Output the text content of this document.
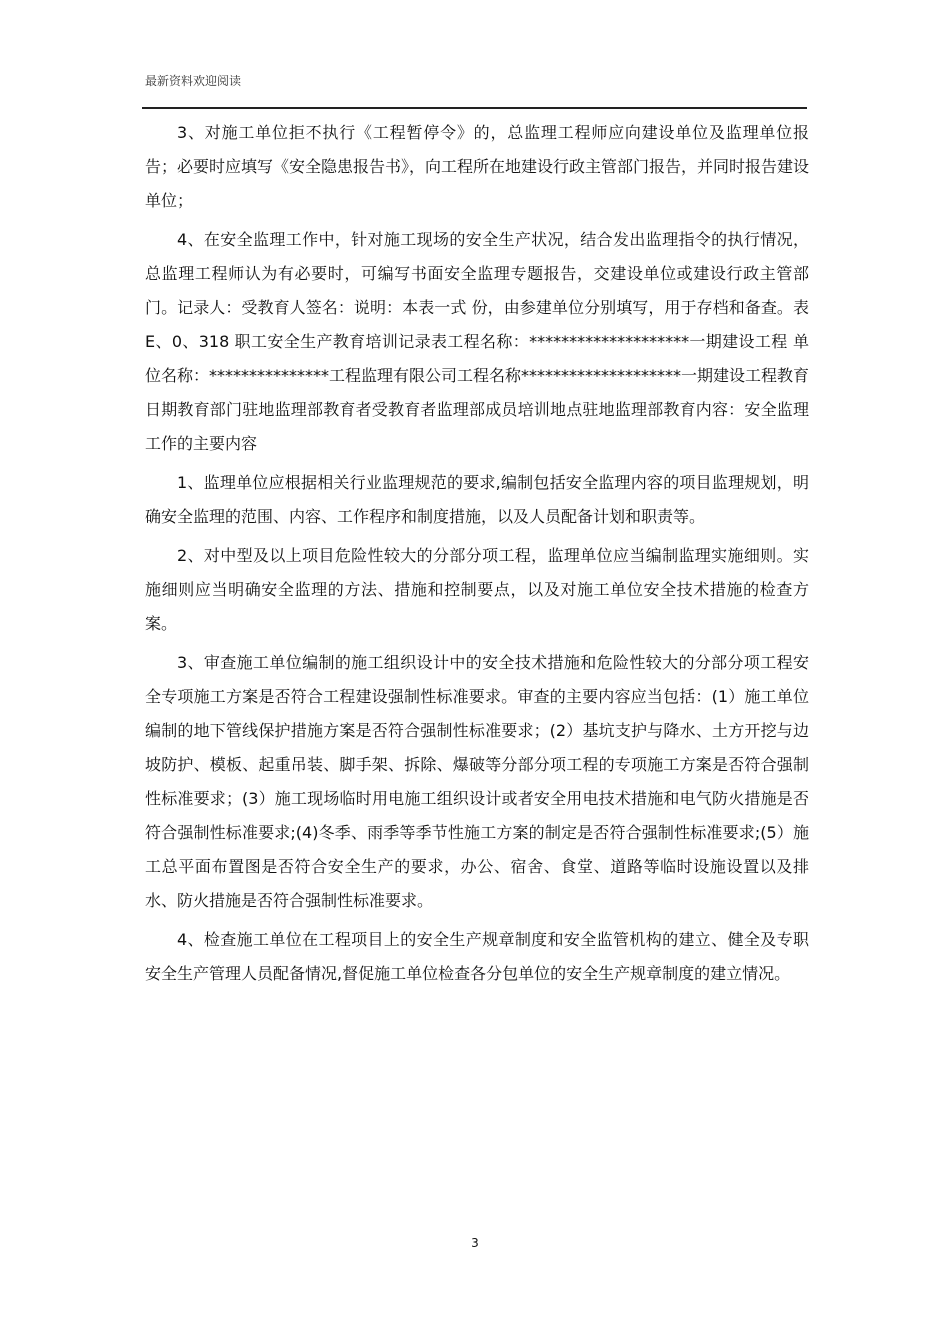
最新资料欢迎阅读

3、对施工单位拒不执行《工程暂停令》的，总监理工程师应向建设单位及监理单位报告；必要时应填写《安全隐患报告书》，向工程所在地建设行政主管部门报告，并同时报告建设单位；

4、在安全监理工作中，针对施工现场的安全生产状况，结合发出监理指令的执行情况，总监理工程师认为有必要时，可编写书面安全监理专题报告，交建设单位或建设行政主管部门。记录人：受教育人签名：说明：本表一式 份，由参建单位分别填写，用于存档和备查。表 E、0、318 职工安全生产教育培训记录表工程名称：********************一期建设工程 单位名称：***************工程监理有限公司工程名称********************一期建设工程教育日期教育部门驻地监理部教育者受教育者监理部成员培训地点驻地监理部教育内容：安全监理工作的主要内容

1、监理单位应根据相关行业监理规范的要求,编制包括安全监理内容的项目监理规划，明确安全监理的范围、内容、工作程序和制度措施，以及人员配备计划和职责等。

2、对中型及以上项目危险性较大的分部分项工程，监理单位应当编制监理实施细则。实施细则应当明确安全监理的方法、措施和控制要点，以及对施工单位安全技术措施的检查方案。

3、审查施工单位编制的施工组织设计中的安全技术措施和危险性较大的分部分项工程安全专项施工方案是否符合工程建设强制性标准要求。审查的主要内容应当包括：(1）施工单位编制的地下管线保护措施方案是否符合强制性标准要求；(2）基坑支护与降水、土方开挖与边坡防护、模板、起重吊装、脚手架、拆除、爆破等分部分项工程的专项施工方案是否符合强制性标准要求；(3）施工现场临时用电施工组织设计或者安全用电技术措施和电气防火措施是否符合强制性标准要求;(4)冬季、雨季等季节性施工方案的制定是否符合强制性标准要求;(5）施工总平面布置图是否符合安全生产的要求，办公、宿舍、食堂、道路等临时设施设置以及排水、防火措施是否符合强制性标准要求。

4、检查施工单位在工程项目上的安全生产规章制度和安全监管机构的建立、健全及专职安全生产管理人员配备情况,督促施工单位检查各分包单位的安全生产规章制度的建立情况。

3
